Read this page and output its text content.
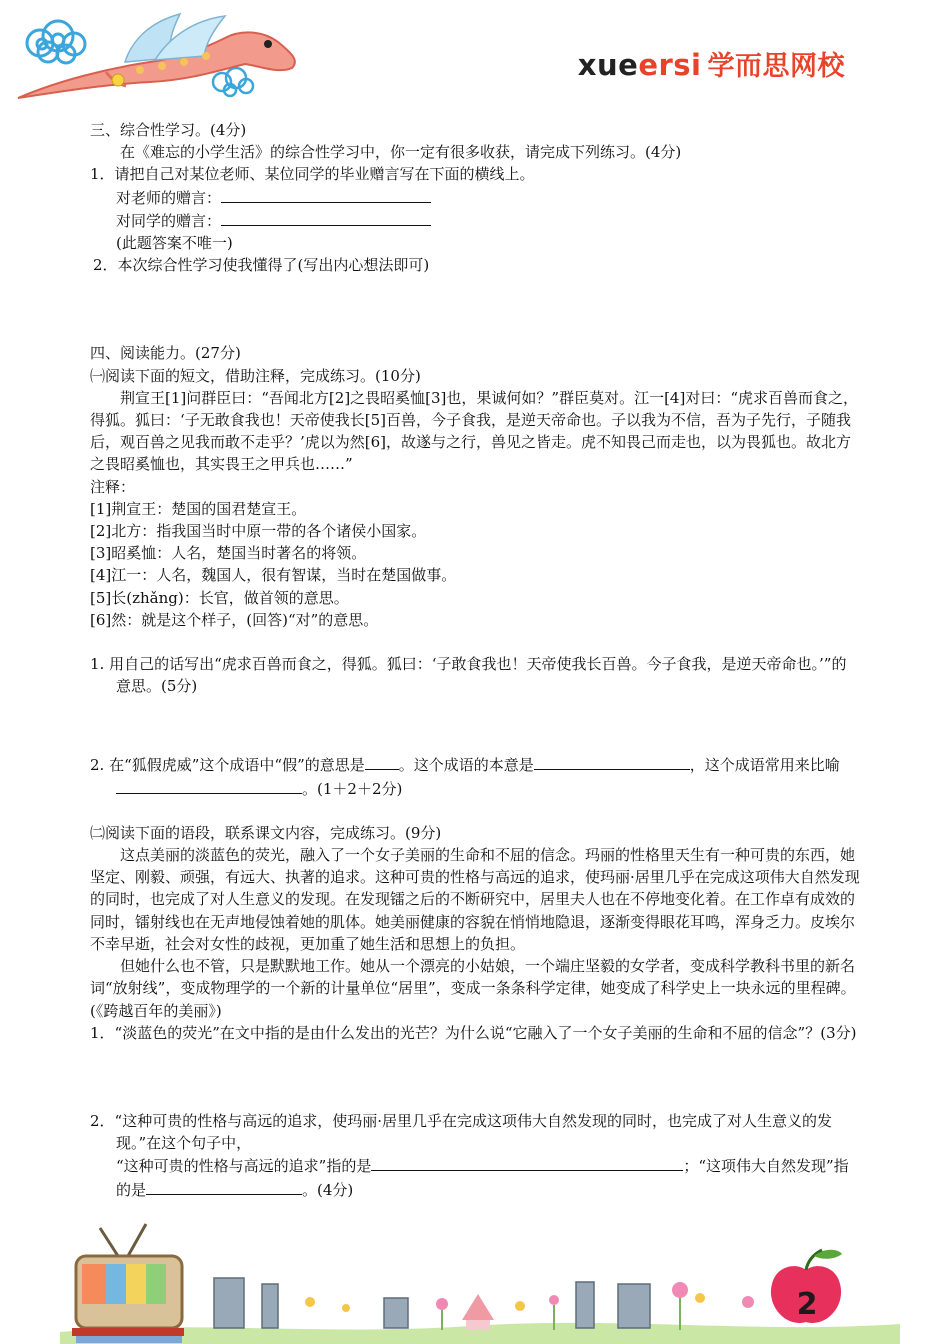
xueersi 学而思网校

三、综合性学习。(4分)

在《难忘的小学生活》的综合性学习中，你一定有很多收获，请完成下列练习。(4分)

1．请把自己对某位老师、某位同学的毕业赠言写在下面的横线上。

对老师的赠言：

对同学的赠言：

(此题答案不唯一)

2．本次综合性学习使我懂得了(写出内心想法即可)

四、阅读能力。(27分)

㈠阅读下面的短文，借助注释，完成练习。(10分)

荆宣王[1]问群臣曰：“吾闻北方[2]之畏昭奚恤[3]也，果诚何如？”群臣莫对。江一[4]对曰：“虎求百兽而食之，得狐。狐曰：‘子无敢食我也！天帝使我长[5]百兽，今子食我，是逆天帝命也。子以我为不信，吾为子先行，子随我后，观百兽之见我而敢不走乎？’虎以为然[6]，故遂与之行，兽见之皆走。虎不知畏己而走也，以为畏狐也。故北方之畏昭奚恤也，其实畏王之甲兵也……”

注释：

[1]荆宣王：楚国的国君楚宣王。

[2]北方：指我国当时中原一带的各个诸侯小国家。

[3]昭奚恤：人名，楚国当时著名的将领。

[4]江一：人名，魏国人，很有智谋，当时在楚国做事。

[5]长(zhǎng)：长官，做首领的意思。

[6]然：就是这个样子，(回答)“对”的意思。

1. 用自己的话写出“虎求百兽而食之，得狐。狐曰：‘子敢食我也！天帝使我长百兽。今子食我，是逆天帝命也。’”的意思。(5分)

2. 在“狐假虎威”这个成语中“假”的意思是 。这个成语的本意是	，这个成语常用来比喻。(1＋2＋2分)

㈡阅读下面的语段，联系课文内容，完成练习。(9分)

这点美丽的淡蓝色的荧光，融入了一个女子美丽的生命和不屈的信念。玛丽的性格里天生有一种可贵的东西，她坚定、刚毅、顽强，有远大、执著的追求。这种可贵的性格与高远的追求，使玛丽·居里几乎在完成这项伟大自然发现的同时，也完成了对人生意义的发现。在发现镭之后的不断研究中，居里夫人也在不停地变化着。在工作卓有成效的同时，镭射线也在无声地侵蚀着她的肌体。她美丽健康的容貌在悄悄地隐退，逐渐变得眼花耳鸣，浑身乏力。皮埃尔不幸早逝，社会对女性的歧视，更加重了她生活和思想上的负担。

但她什么也不管，只是默默地工作。她从一个漂亮的小姑娘，一个端庄坚毅的女学者，变成科学教科书里的新名词“放射线”，变成物理学的一个新的计量单位“居里”，变成一条条科学定律，她变成了科学史上一块永远的里程碑。(《跨越百年的美丽》)

1．“淡蓝色的荧光”在文中指的是由什么发出的光芒？为什么说“它融入了一个女子美丽的生命和不屈的信念”？(3分)

2．“这种可贵的性格与高远的追求，使玛丽·居里几乎在完成这项伟大自然发现的同时，也完成了对人生意义的发现。”在这个句子中，

“这种可贵的性格与高远的追求”指的是	；“这项伟大自然发现”指的是	。(4分)

2
